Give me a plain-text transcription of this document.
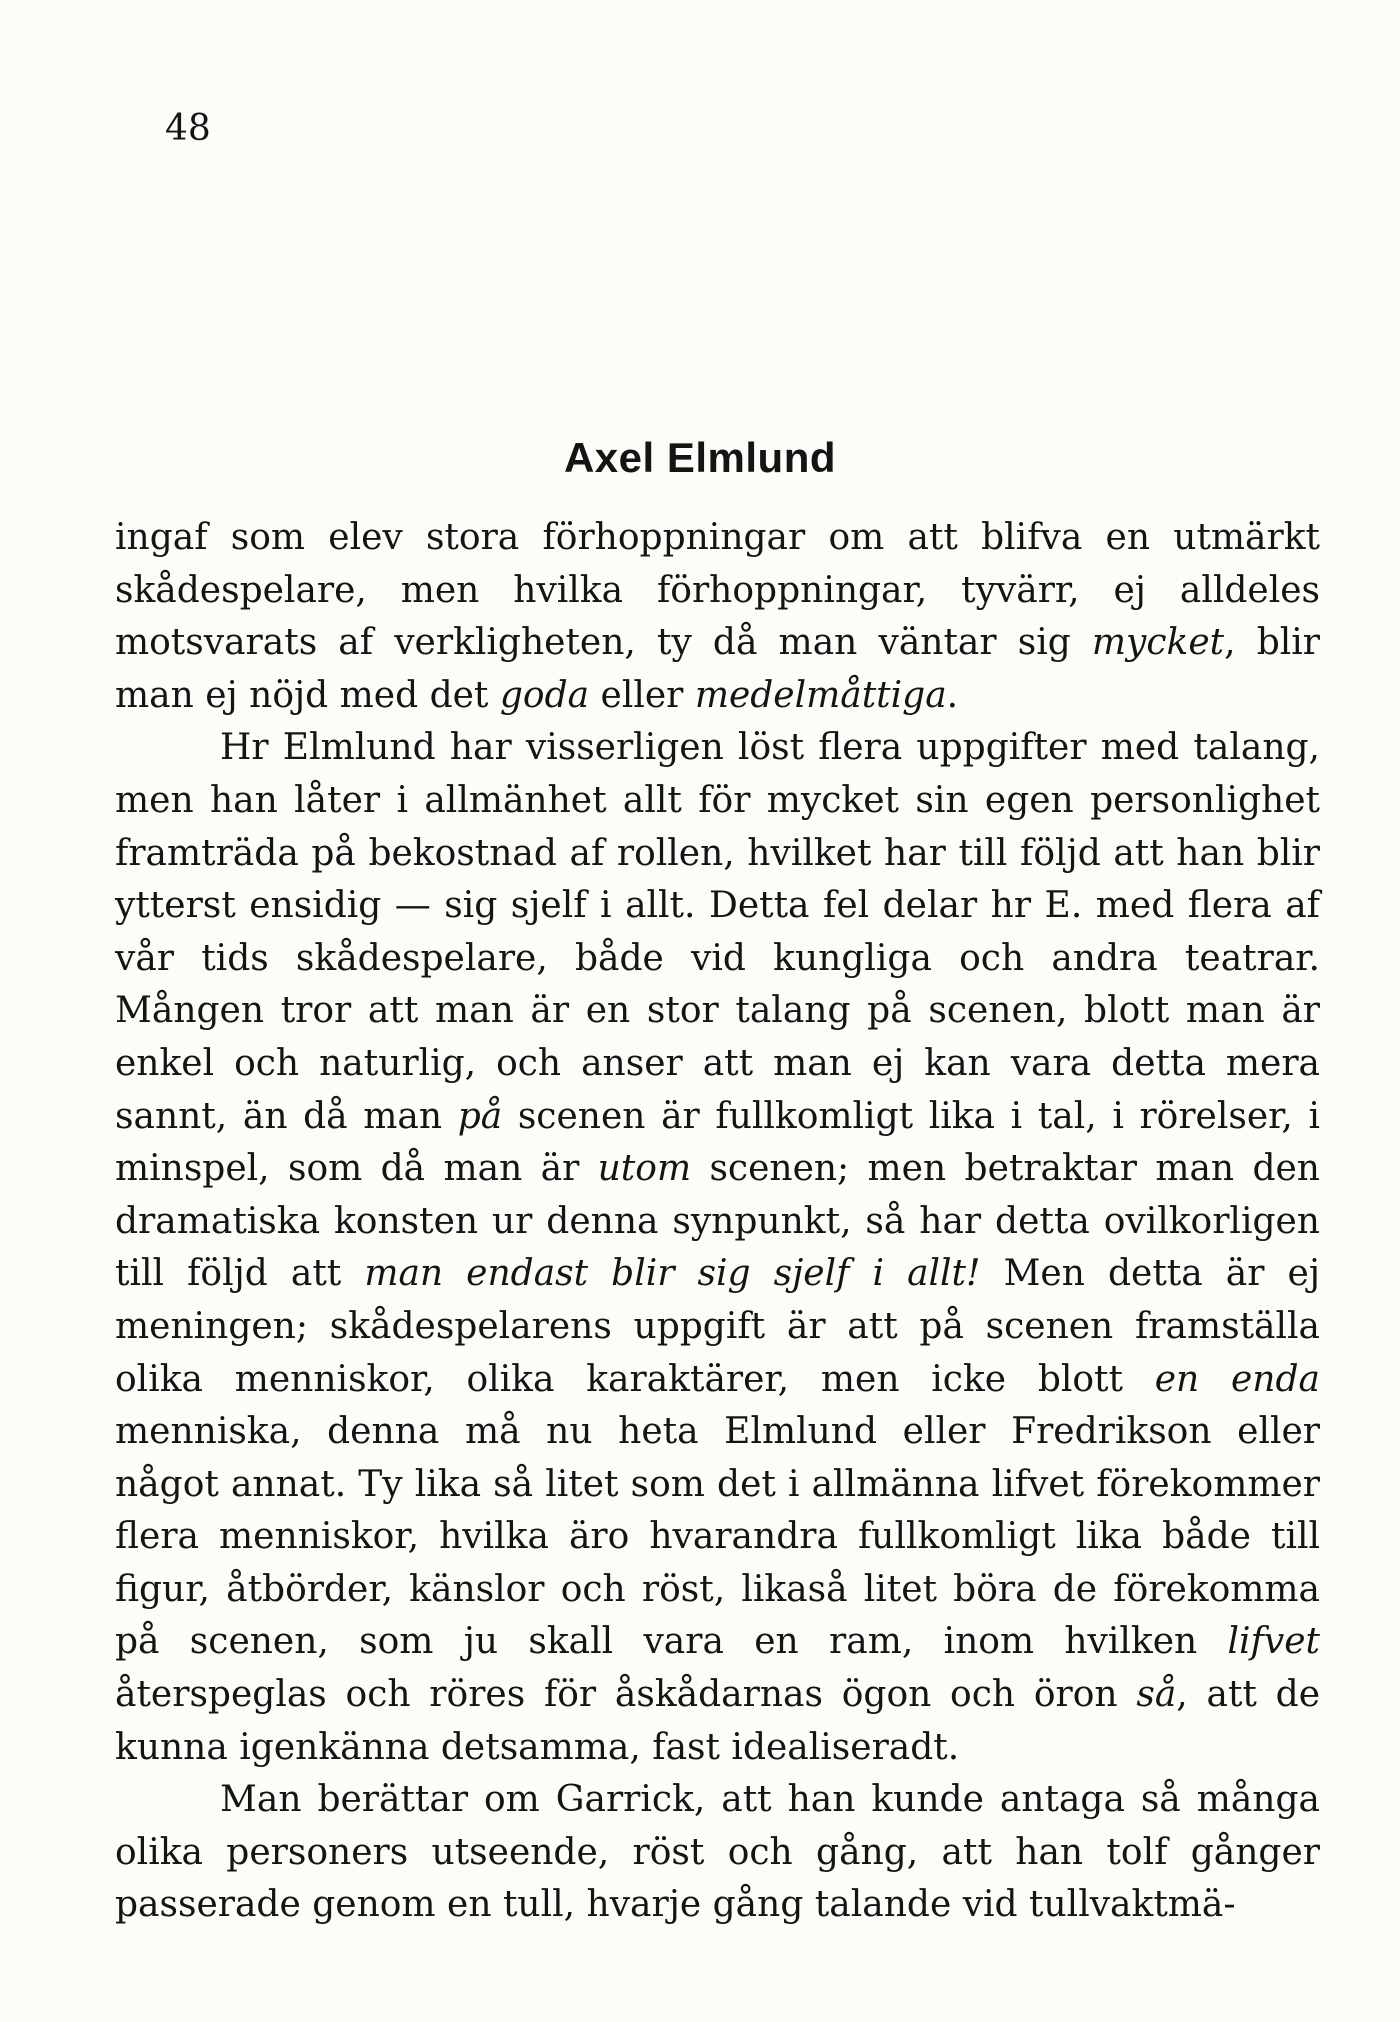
48
Axel Elmlund

ingaf som elev stora förhoppningar om att blifva en utmärkt skådespelare, men hvilka förhoppningar, tyvärr, ej alldeles motsvarats af verkligheten, ty då man väntar sig mycket, blir man ej nöjd med det goda eller medelmåttiga.

Hr Elmlund har visserligen löst flera uppgifter med talang, men han låter i allmänhet allt för mycket sin egen personlighet framträda på bekostnad af rollen, hvilket har till följd att han blir ytterst ensidig — sig sjelf i allt. Detta fel delar hr E. med flera af vår tids skådespelare, både vid kungliga och andra teatrar. Mången tror att man är en stor talang på scenen, blott man är enkel och naturlig, och anser att man ej kan vara detta mera sannt, än då man på scenen är fullkomligt lika i tal, i rörelser, i minspel, som då man är utom scenen; men betraktar man den dramatiska konsten ur denna synpunkt, så har detta ovilkorligen till följd att man endast blir sig sjelf i allt! Men detta är ej meningen; skådespelarens uppgift är att på scenen framställa olika menniskor, olika karaktärer, men icke blott en enda menniska, denna må nu heta Elmlund eller Fredrikson eller något annat. Ty lika så litet som det i allmänna lifvet förekommer flera menniskor, hvilka äro hvarandra fullkomligt lika både till figur, åtbörder, känslor och röst, likaså litet böra de förekomma på scenen, som ju skall vara en ram, inom hvilken lifvet återspeglas och röres för åskådarnas ögon och öron så, att de kunna igenkänna detsamma, fast idealiseradt.

Man berättar om Garrick, att han kunde antaga så många olika personers utseende, röst och gång, att han tolf gånger passerade genom en tull, hvarje gång talande vid tullvaktmä-
